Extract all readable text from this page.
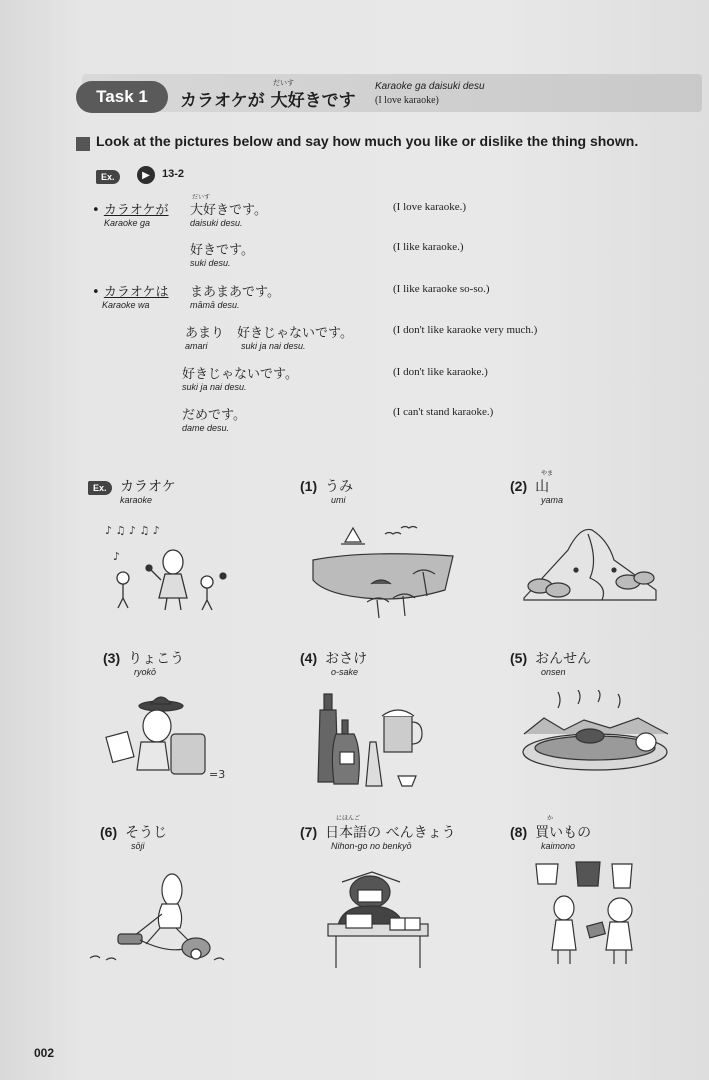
Task 1
だいす
カラオケが 大好きです
Karaoke ga daisuki desu
(I love karaoke)
Look at the pictures below and say how much you like or dislike the thing shown.
Ex.	▶	13-2
• カラオケが
Karaoke ga
だいす
大好きです。
daisuki desu.
(I love karaoke.)
好きです。
suki desu.
(I like karaoke.)
• カラオケは
Karaoke wa
まあまあです。
māmā desu.
(I like karaoke so-so.)
あまり　好きじゃないです。
amari	suki ja nai desu.
(I don't like karaoke very much.)
好きじゃないです。
suki ja nai desu.
(I don't like karaoke.)
だめです。
dame desu.
(I can't stand karaoke.)
Ex. カラオケ
karaoke
♪ ♫ ♪ ♫ ♪
♪
(1) うみ
umi
やま
(2) 山
yama
(3) りょこう
ryokō
=3
(4) おさけ
o-sake
(5) おんせん
onsen
(6) そうじ
sōji
にほんご
(7) 日本語の べんきょう
Nihon-go no benkyō
か
(8) 買いもの
kaimono
002
